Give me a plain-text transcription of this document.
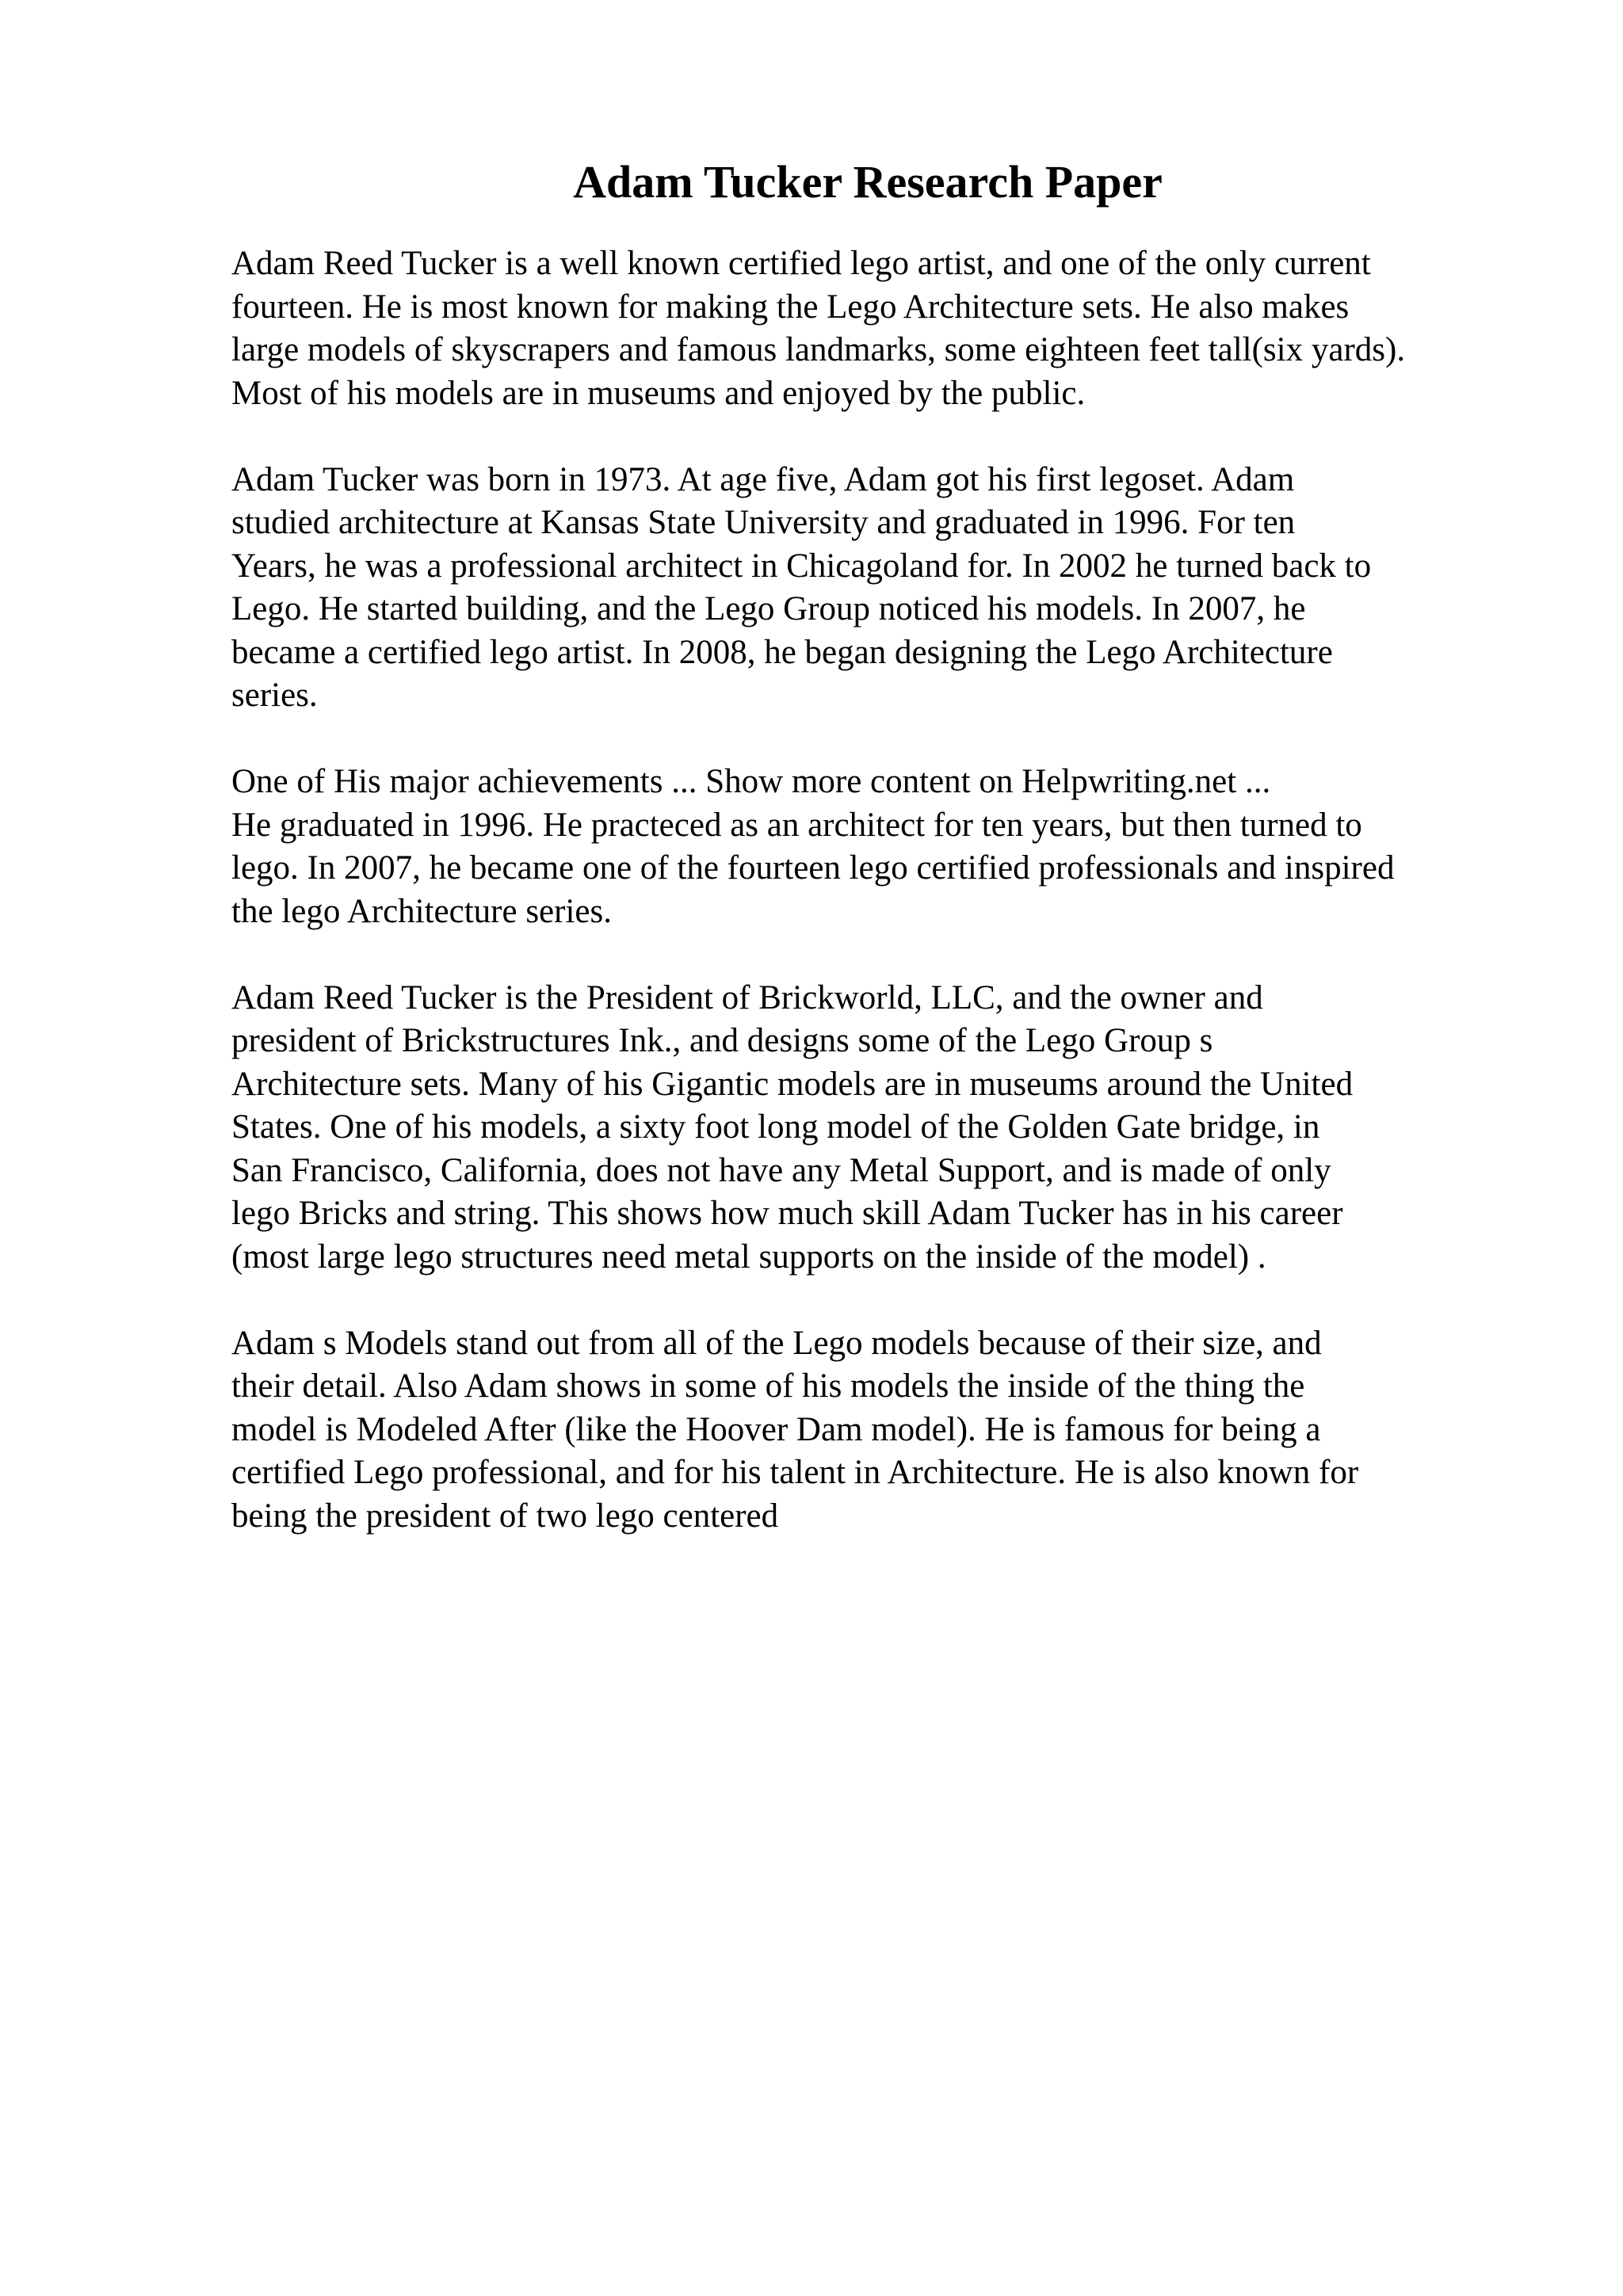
Adam Tucker Research Paper

Adam Reed Tucker is a well known certified lego artist, and one of the only current
fourteen. He is most known for making the Lego Architecture sets. He also makes
large models of skyscrapers and famous landmarks, some eighteen feet tall(six yards).
Most of his models are in museums and enjoyed by the public.

Adam Tucker was born in 1973. At age five, Adam got his first legoset. Adam
studied architecture at Kansas State University and graduated in 1996. For ten
Years, he was a professional architect in Chicagoland for. In 2002 he turned back to
Lego. He started building, and the Lego Group noticed his models. In 2007, he
became a certified lego artist. In 2008, he began designing the Lego Architecture
series.

One of His major achievements ... Show more content on Helpwriting.net ...
He graduated in 1996. He practeced as an architect for ten years, but then turned to
lego. In 2007, he became one of the fourteen lego certified professionals and inspired
the lego Architecture series.

Adam Reed Tucker is the President of Brickworld, LLC, and the owner and
president of Brickstructures Ink., and designs some of the Lego Group s
Architecture sets. Many of his Gigantic models are in museums around the United
States. One of his models, a sixty foot long model of the Golden Gate bridge, in
San Francisco, California, does not have any Metal Support, and is made of only
lego Bricks and string. This shows how much skill Adam Tucker has in his career
(most large lego structures need metal supports on the inside of the model) .

Adam s Models stand out from all of the Lego models because of their size, and
their detail. Also Adam shows in some of his models the inside of the thing the
model is Modeled After (like the Hoover Dam model). He is famous for being a
certified Lego professional, and for his talent in Architecture. He is also known for
being the president of two lego centered
